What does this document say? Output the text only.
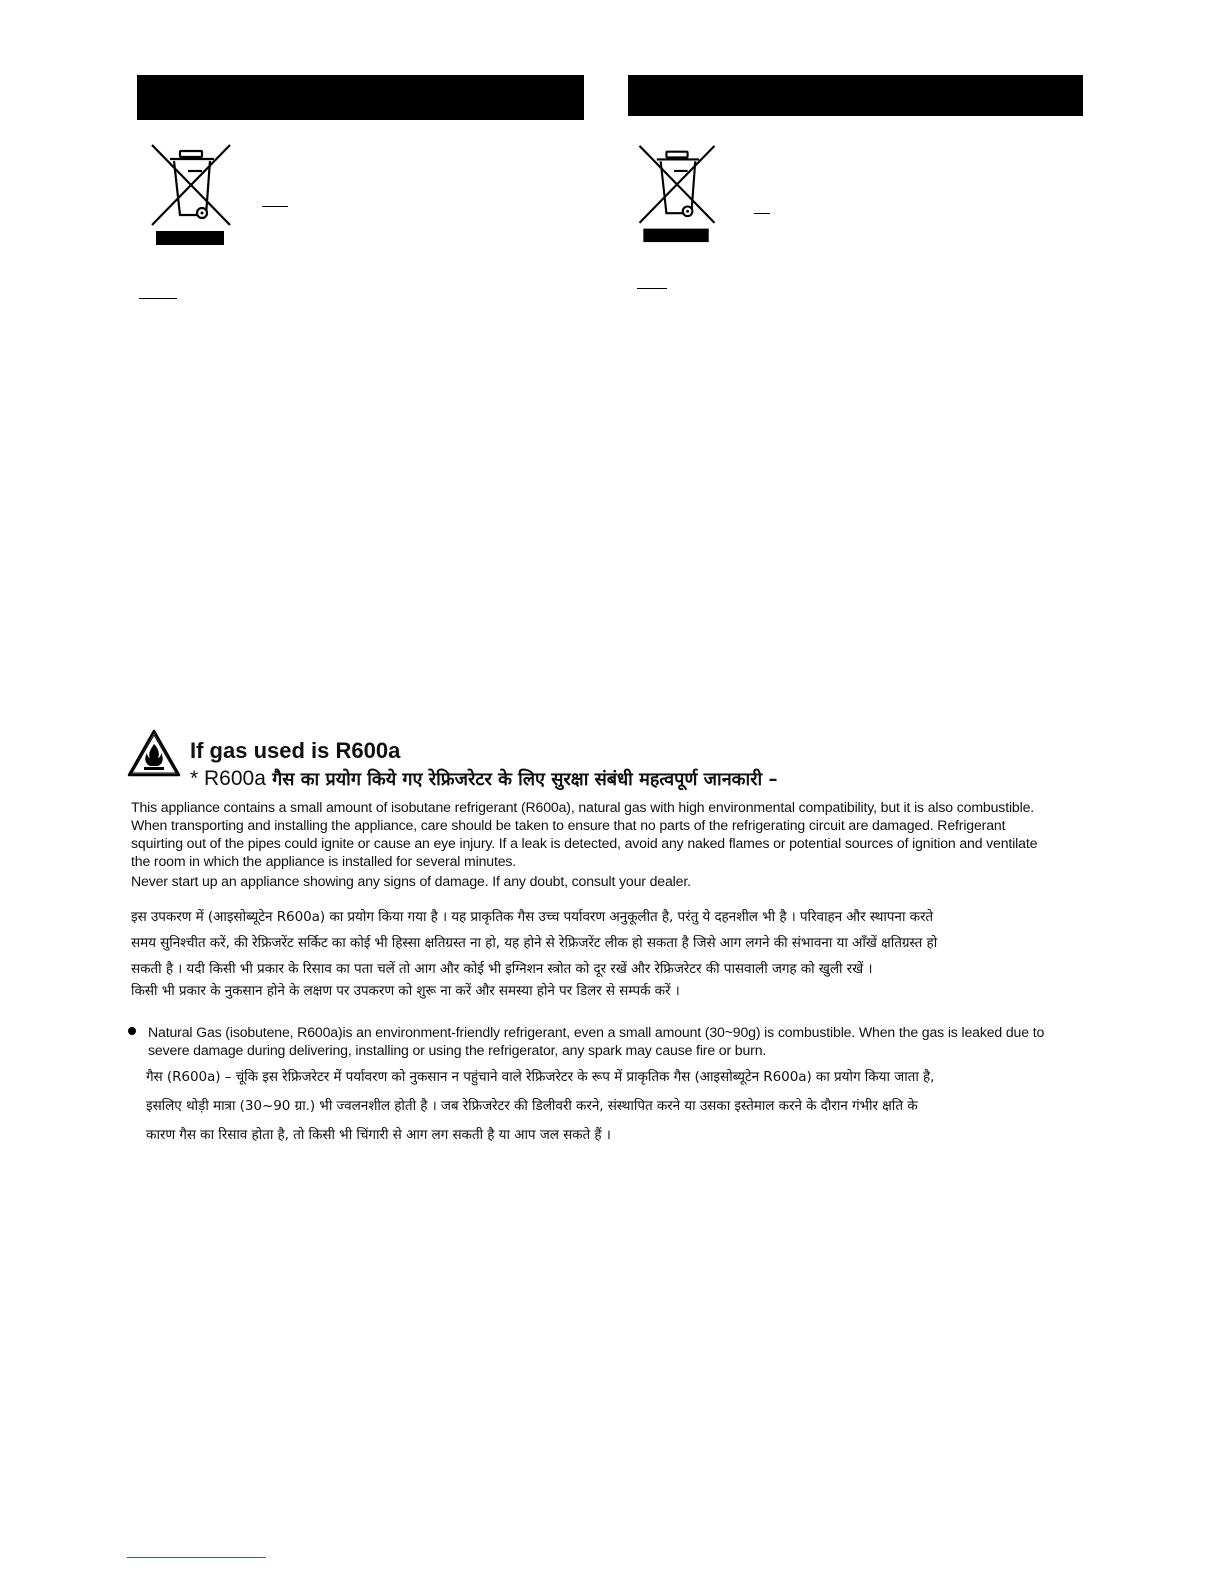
If gas used is R600a
* R600a गैस का प्रयोग किये गए रेफ्रिजरेटर के लिए सुरक्षा संबंधी महत्वपूर्ण जानकारी –

This appliance contains a small amount of isobutane refrigerant (R600a), natural gas with high environmental compatibility, but it is also combustible.

When transporting and installing the appliance, care should be taken to ensure that no parts of the refrigerating circuit are damaged. Refrigerant

squirting out of the pipes could ignite or cause an eye injury. If a leak is detected, avoid any naked flames or potential sources of ignition and ventilate

the room in which the appliance is installed for several minutes.

Never start up an appliance showing any signs of damage. If any doubt, consult your dealer.

इस उपकरण में (आइसोब्यूटेन R600a) का प्रयोग किया गया है । यह प्राकृतिक गैस उच्च पर्यावरण अनुकूलीत है, परंतु ये दहनशील भी है । परिवाहन और स्थापना करते

समय सुनिश्चीत करें, की रेफ्रिजरेंट सर्किट का कोई भी हिस्सा क्षतिग्रस्त ना हो, यह होने से रेफ्रिजरेंट लीक हो सकता है जिसे आग लगने की संभावना या आँखें क्षतिग्रस्त हो

सकती है । यदी किसी भी प्रकार के रिसाव का पता चलें तो आग और कोई भी इग्निशन स्त्रोत को दूर रखें और रेफ्रिजरेटर की पासवाली जगह को खुली रखें ।

किसी भी प्रकार के नुकसान होने के लक्षण पर उपकरण को शुरू ना करें और समस्या होने पर डिलर से सम्पर्क करें ।

Natural Gas (isobutene, R600a)is an environment-friendly refrigerant, even a small amount (30~90g) is combustible. When the gas is leaked due to

severe damage during delivering, installing or using the refrigerator, any spark may cause fire or burn.

गैस (R600a) – चूंकि इस रेफ्रिजरेटर में पर्यावरण को नुकसान न पहुंचाने वाले रेफ्रिजरेटर के रूप में प्राकृतिक गैस (आइसोब्यूटेन R600a) का प्रयोग किया जाता है,

इसलिए थोड़ी मात्रा (30~90 ग्रा.) भी ज्वलनशील होती है । जब रेफ्रिजरेटर की डिलीवरी करने, संस्थापित करने या उसका इस्तेमाल करने के दौरान गंभीर क्षति के

कारण गैस का रिसाव होता है, तो किसी भी चिंगारी से आग लग सकती है या आप जल सकते हैं ।
